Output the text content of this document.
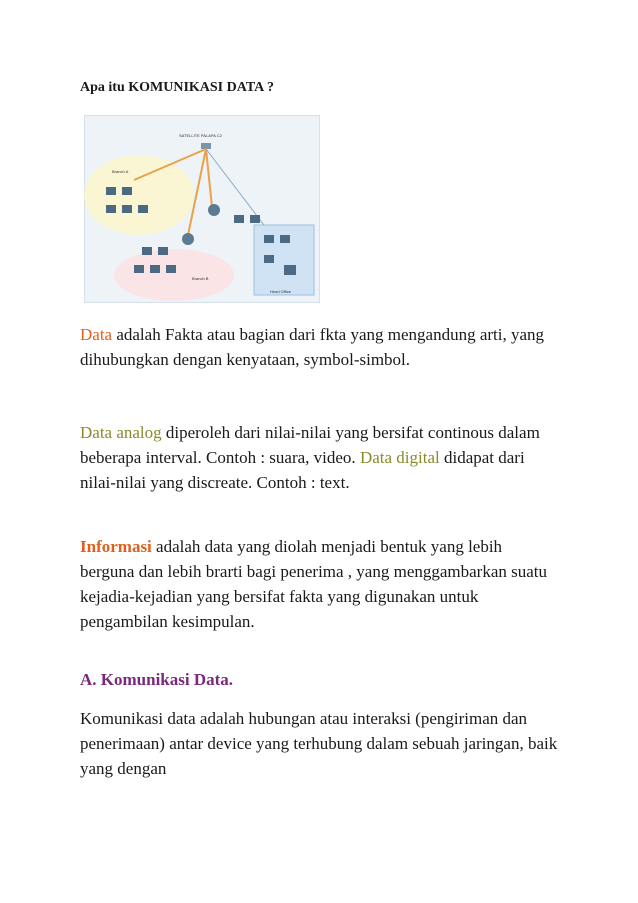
Apa itu KOMUNIKASI DATA ?
SATELLITE PALAPA C2
Branch A
Branch B
Head Office
Data adalah Fakta atau bagian dari fkta yang mengandung arti, yang dihubungkan dengan kenyataan, symbol-simbol.
Data analog diperoleh dari nilai-nilai yang bersifat continous dalam beberapa interval. Contoh : suara, video. Data digital didapat dari nilai-nilai yang discreate. Contoh : text.
Informasi adalah data yang diolah menjadi bentuk yang lebih berguna dan lebih brarti bagi penerima , yang menggambarkan suatu kejadia-kejadian yang bersifat fakta yang digunakan untuk pengambilan kesimpulan.
A. Komunikasi Data.
Komunikasi data adalah hubungan atau interaksi (pengiriman dan penerimaan) antar device yang terhubung dalam sebuah jaringan, baik yang dengan
